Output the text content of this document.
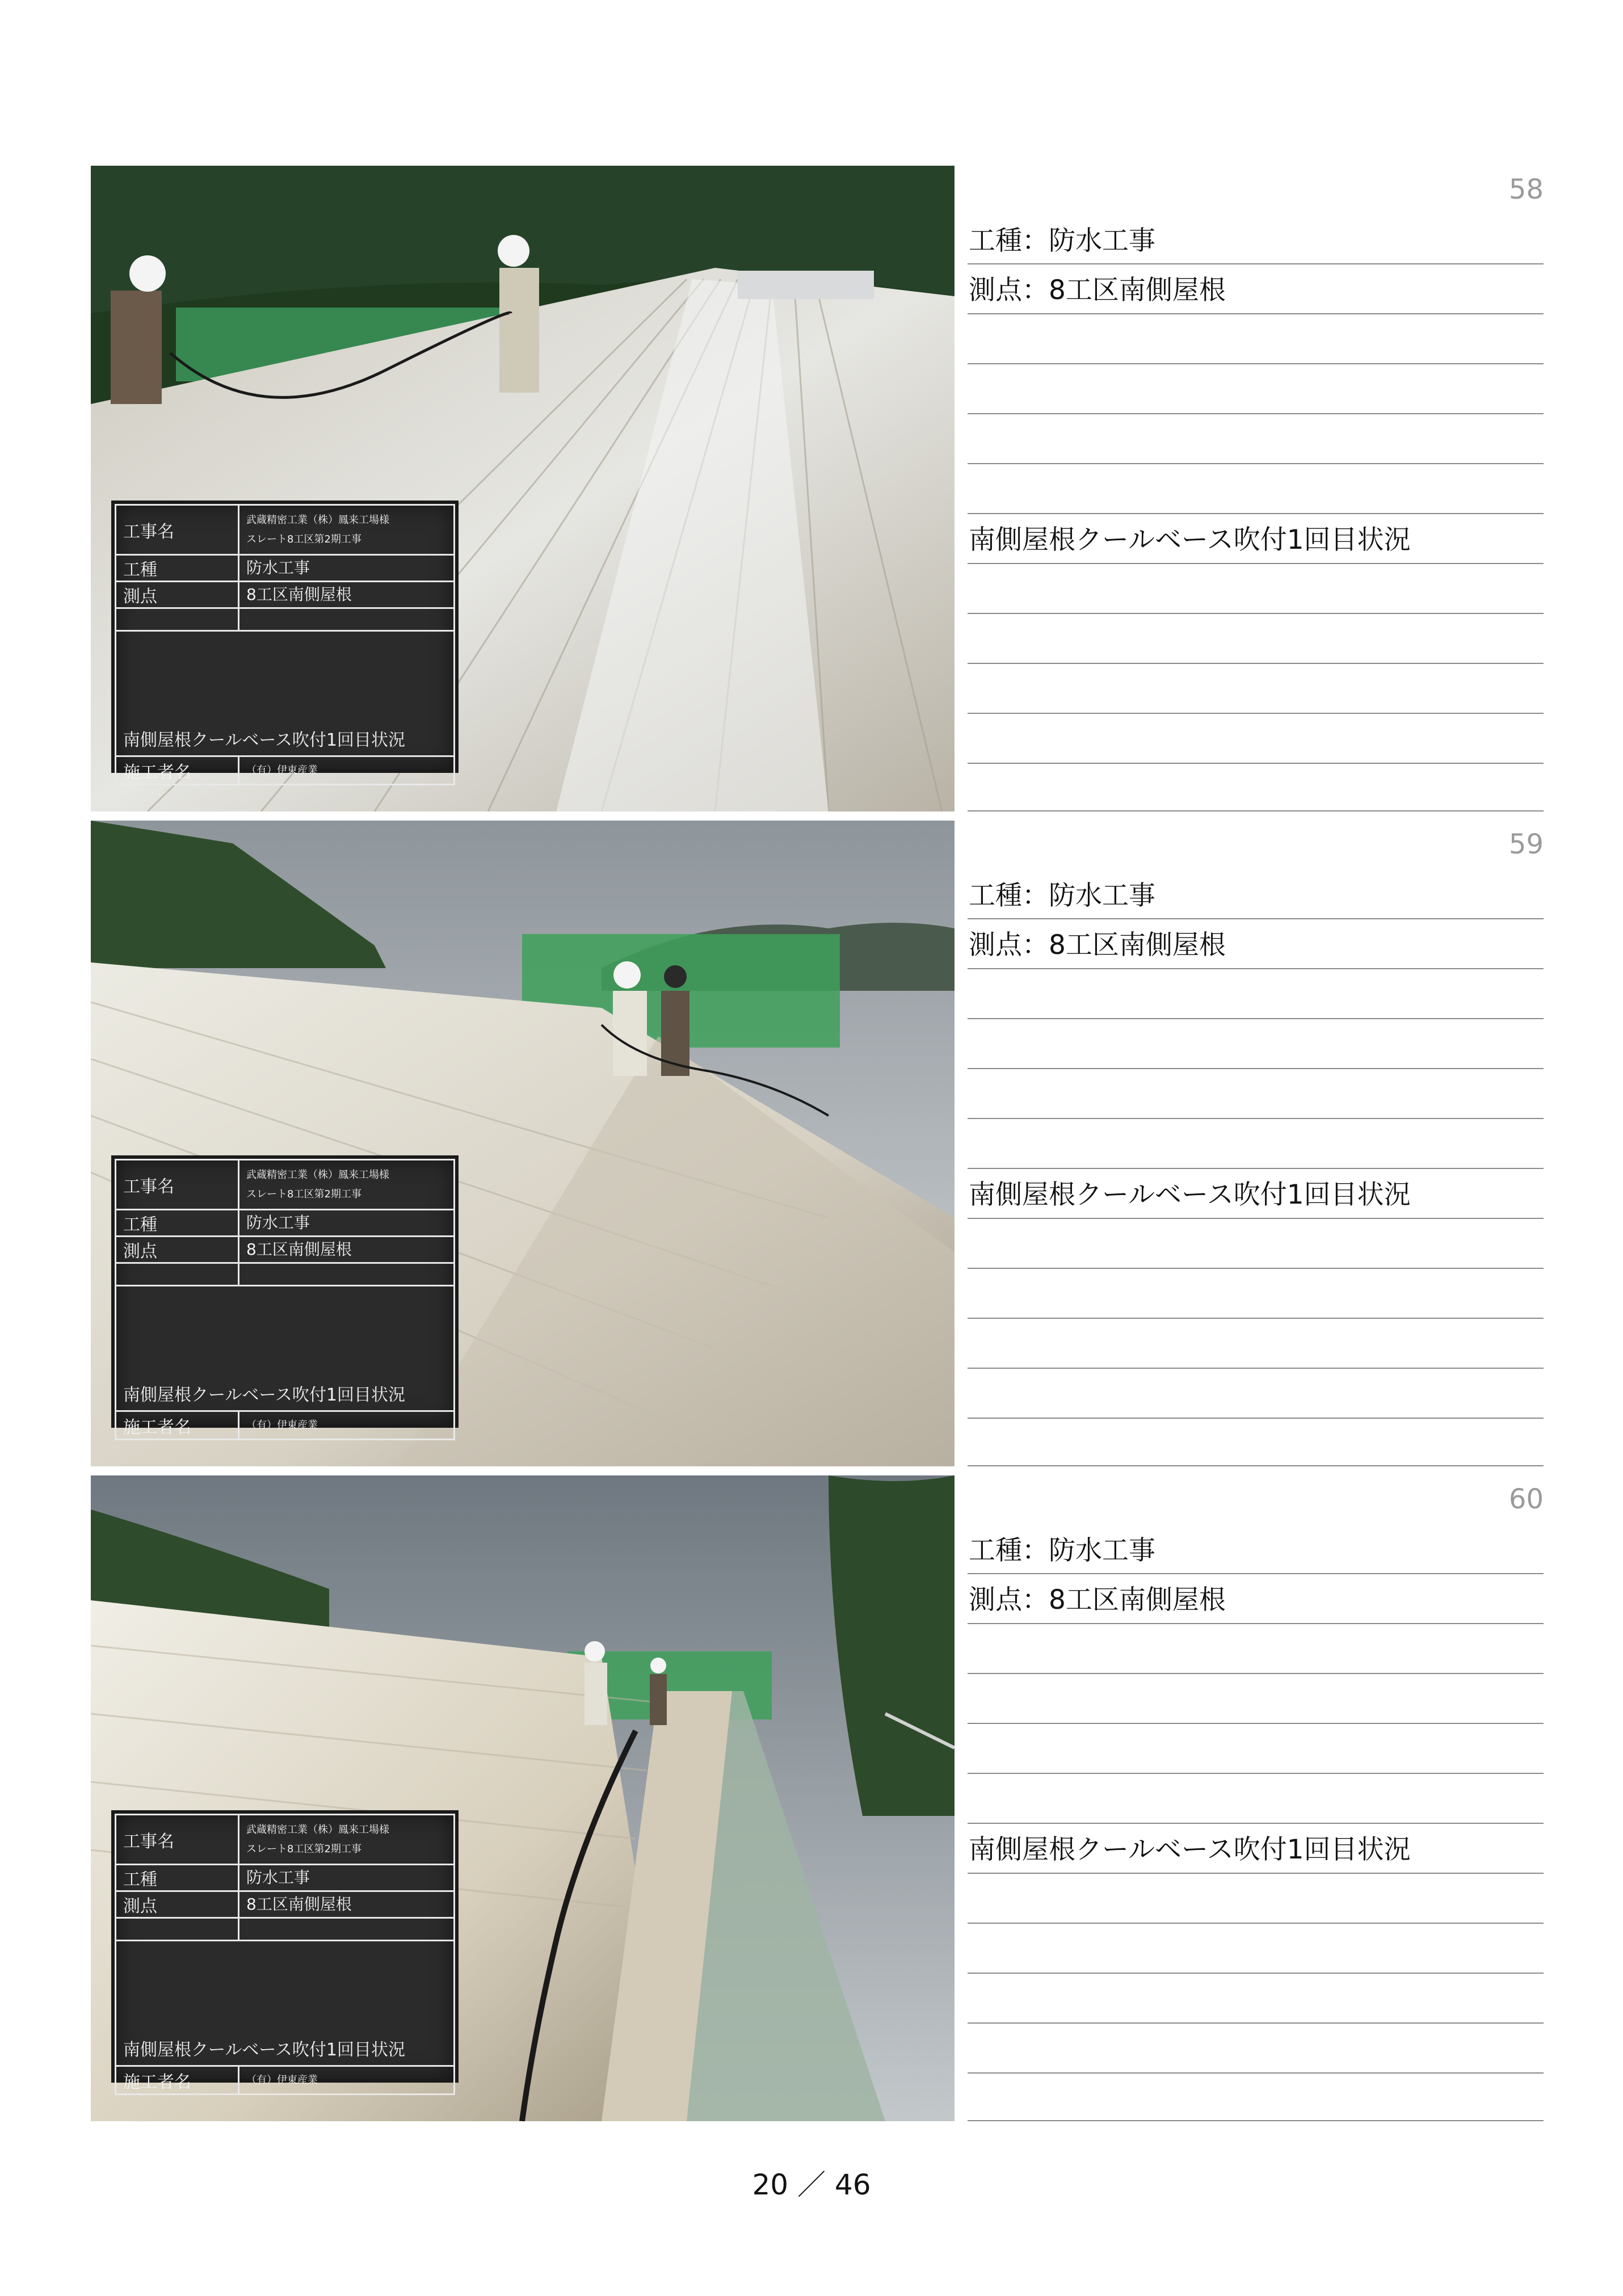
工事名	武蔵精密工業（株）鳳来工場様
スレート8工区第2期工事

工種	防水工事
測点	8工区南側屋根

南側屋根クールベース吹付1回目状況	
施工者名	（有）伊東産業
58
工種：防水工事
測点：8工区南側屋根
南側屋根クールベース吹付1回目状況
工事名	武蔵精密工業（株）鳳来工場様
スレート8工区第2期工事

工種	防水工事
測点	8工区南側屋根

南側屋根クールベース吹付1回目状況	
施工者名	（有）伊東産業
59
工種：防水工事
測点：8工区南側屋根
南側屋根クールベース吹付1回目状況
工事名	武蔵精密工業（株）鳳来工場様
スレート8工区第2期工事

工種	防水工事
測点	8工区南側屋根

南側屋根クールベース吹付1回目状況	
施工者名	（有）伊東産業
60
工種：防水工事
測点：8工区南側屋根
南側屋根クールベース吹付1回目状況
20 ／ 46
